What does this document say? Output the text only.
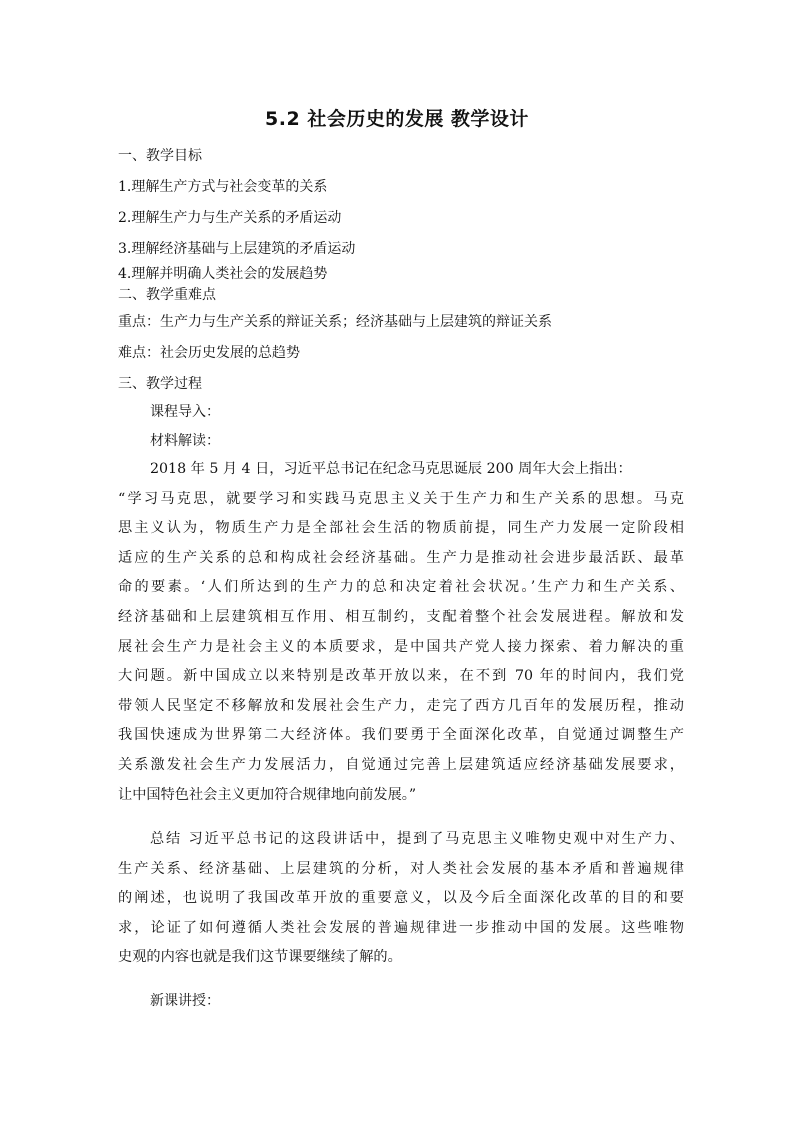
5.2 社会历史的发展 教学设计
一、教学目标
1.理解生产方式与社会变革的关系
2.理解生产力与生产关系的矛盾运动
3.理解经济基础与上层建筑的矛盾运动
4.理解并明确人类社会的发展趋势
二、教学重难点
重点：生产力与生产关系的辩证关系；经济基础与上层建筑的辩证关系
难点：社会历史发展的总趋势
三、教学过程
课程导入：
材料解读：
2018 年 5 月 4 日，习近平总书记在纪念马克思诞辰 200 周年大会上指出：
“学习马克思，就要学习和实践马克思主义关于生产力和生产关系的思想。马克
思主义认为，物质生产力是全部社会生活的物质前提，同生产力发展一定阶段相
适应的生产关系的总和构成社会经济基础。生产力是推动社会进步最活跃、最革
命的要素。‘人们所达到的生产力的总和决定着社会状况。’生产力和生产关系、
经济基础和上层建筑相互作用、相互制约，支配着整个社会发展进程。解放和发
展社会生产力是社会主义的本质要求，是中国共产党人接力探索、着力解决的重
大问题。新中国成立以来特别是改革开放以来，在不到 70 年的时间内，我们党
带领人民坚定不移解放和发展社会生产力，走完了西方几百年的发展历程，推动
我国快速成为世界第二大经济体。我们要勇于全面深化改革，自觉通过调整生产
关系激发社会生产力发展活力，自觉通过完善上层建筑适应经济基础发展要求，
让中国特色社会主义更加符合规律地向前发展。”
总结 习近平总书记的这段讲话中，提到了马克思主义唯物史观中对生产力、
生产关系、经济基础、上层建筑的分析，对人类社会发展的基本矛盾和普遍规律
的阐述，也说明了我国改革开放的重要意义，以及今后全面深化改革的目的和要
求，论证了如何遵循人类社会发展的普遍规律进一步推动中国的发展。这些唯物
史观的内容也就是我们这节课要继续了解的。
新课讲授：
